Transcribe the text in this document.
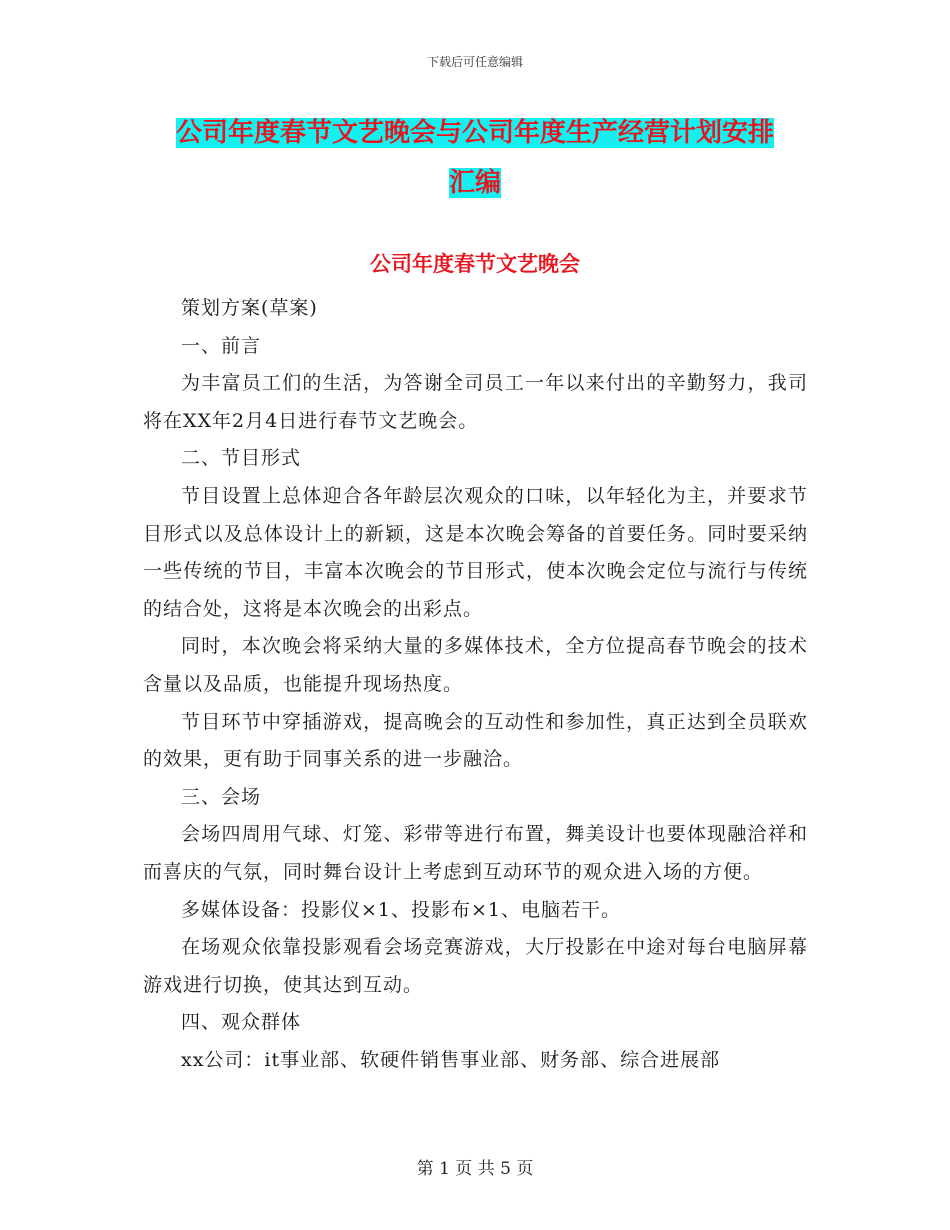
下载后可任意编辑
公司年度春节文艺晚会与公司年度生产经营计划安排
汇编
公司年度春节文艺晚会

策划方案(草案)

一、前言

为丰富员工们的生活，为答谢全司员工一年以来付出的辛勤努力，我司将在XX年2月4日进行春节文艺晚会。

二、节目形式

节目设置上总体迎合各年龄层次观众的口味，以年轻化为主，并要求节目形式以及总体设计上的新颖，这是本次晚会筹备的首要任务。同时要采纳一些传统的节目，丰富本次晚会的节目形式，使本次晚会定位与流行与传统的结合处，这将是本次晚会的出彩点。

同时，本次晚会将采纳大量的多媒体技术，全方位提高春节晚会的技术含量以及品质，也能提升现场热度。

节目环节中穿插游戏，提高晚会的互动性和参加性，真正达到全员联欢的效果，更有助于同事关系的进一步融洽。

三、会场

会场四周用气球、灯笼、彩带等进行布置，舞美设计也要体现融洽祥和而喜庆的气氛，同时舞台设计上考虑到互动环节的观众进入场的方便。

多媒体设备：投影仪×1、投影布×1、电脑若干。

在场观众依靠投影观看会场竞赛游戏，大厅投影在中途对每台电脑屏幕游戏进行切换，使其达到互动。

四、观众群体

xx公司：it事业部、软硬件销售事业部、财务部、综合进展部

第 1 页 共 5 页
